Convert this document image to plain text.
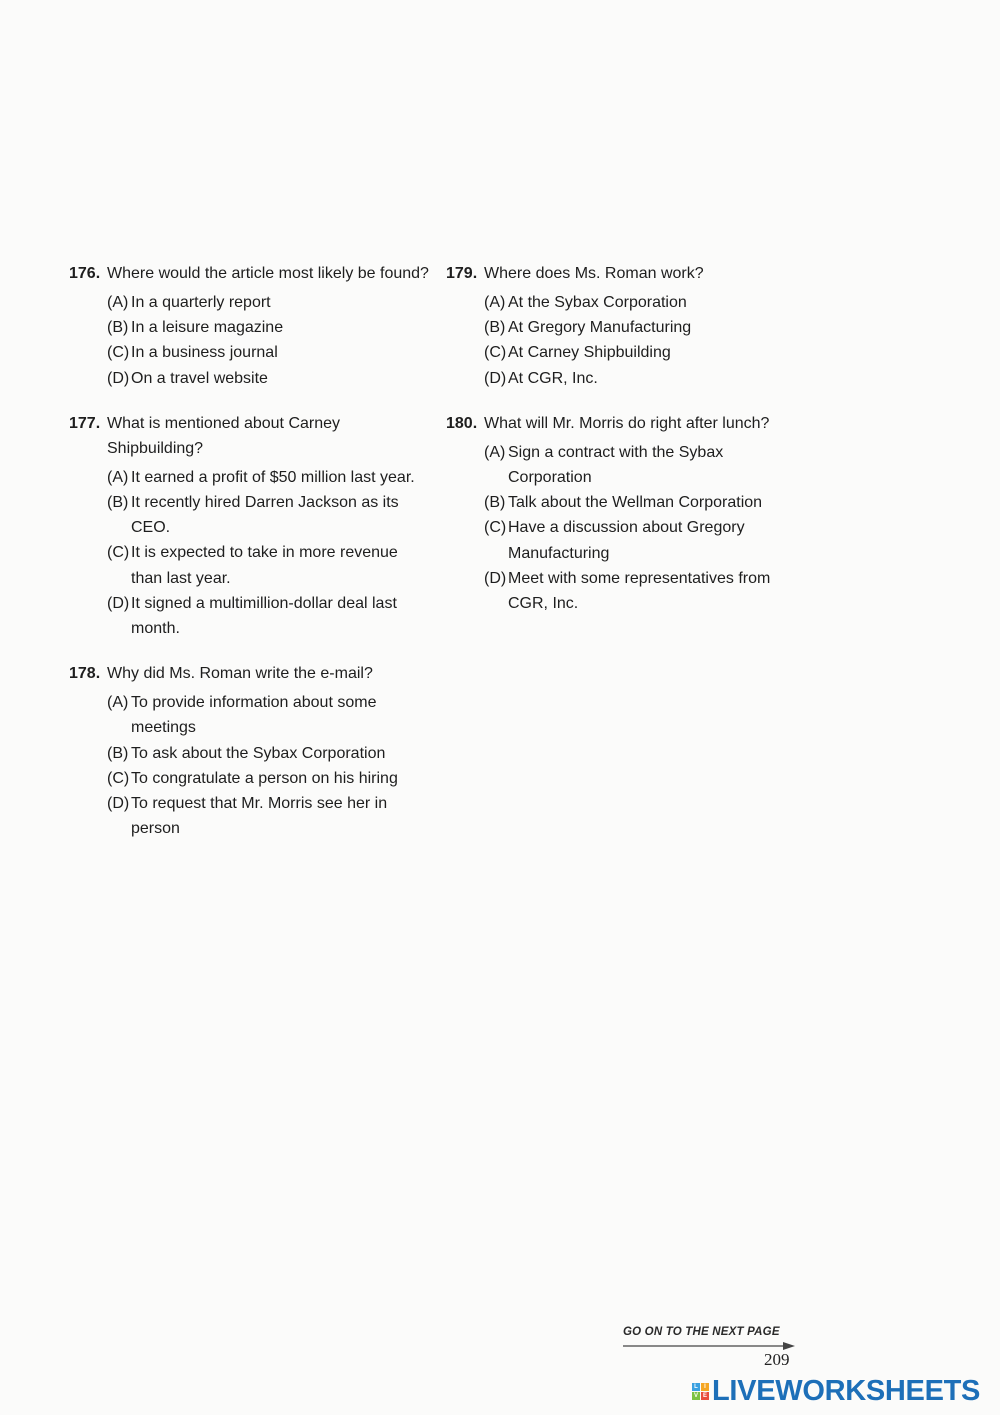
176. Where would the article most likely be found?
(A) In a quarterly report
(B) In a leisure magazine
(C) In a business journal
(D) On a travel website
177. What is mentioned about Carney Shipbuilding?
(A) It earned a profit of $50 million last year.
(B) It recently hired Darren Jackson as its CEO.
(C) It is expected to take in more revenue than last year.
(D) It signed a multimillion-dollar deal last month.
178. Why did Ms. Roman write the e-mail?
(A) To provide information about some meetings
(B) To ask about the Sybax Corporation
(C) To congratulate a person on his hiring
(D) To request that Mr. Morris see her in person
179. Where does Ms. Roman work?
(A) At the Sybax Corporation
(B) At Gregory Manufacturing
(C) At Carney Shipbuilding
(D) At CGR, Inc.
180. What will Mr. Morris do right after lunch?
(A) Sign a contract with the Sybax Corporation
(B) Talk about the Wellman Corporation
(C) Have a discussion about Gregory Manufacturing
(D) Meet with some representatives from CGR, Inc.
GO ON TO THE NEXT PAGE
209
L	I
V E LIVEWORKSHEETS
